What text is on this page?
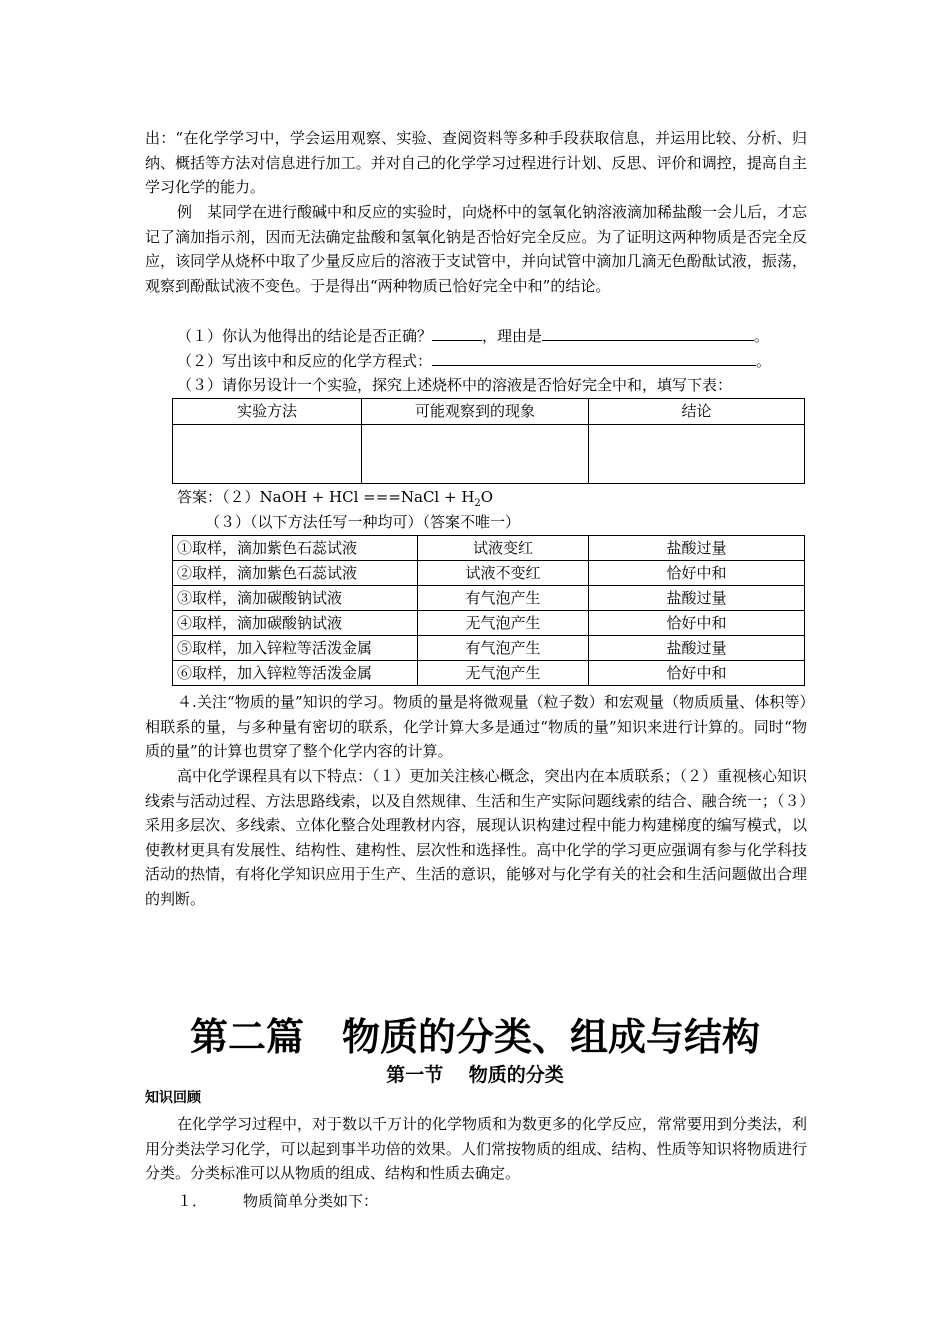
出：“在化学学习中，学会运用观察、实验、查阅资料等多种手段获取信息，并运用比较、分析、归纳、概括等方法对信息进行加工。并对自己的化学学习过程进行计划、反思、评价和调控，提高自主学习化学的能力。

例　某同学在进行酸碱中和反应的实验时，向烧杯中的氢氧化钠溶液滴加稀盐酸一会儿后，才忘记了滴加指示剂，因而无法确定盐酸和氢氧化钠是否恰好完全反应。为了证明这两种物质是否完全反应，该同学从烧杯中取了少量反应后的溶液于支试管中，并向试管中滴加几滴无色酚酞试液，振荡，观察到酚酞试液不变色。于是得出“两种物质已恰好完全中和”的结论。

（１）你认为他得出的结论是否正确？	，理由是	。
（２）写出该中和反应的化学方程式：	。
（３）请你另设计一个实验，探究上述烧杯中的溶液是否恰好完全中和，填写下表：
实验方法	可能观察到的现象	结论

答案：（２）NaOH + HCl ===NaCl + $H_2O$
（３）（以下方法任写一种均可）（答案不唯一）
①取样，滴加紫色石蕊试液	试液变红	盐酸过量
②取样，滴加紫色石蕊试液	试液不变红	恰好中和
③取样，滴加碳酸钠试液	有气泡产生	盐酸过量
④取样，滴加碳酸钠试液	无气泡产生	恰好中和
⑤取样，加入锌粒等活泼金属	有气泡产生	盐酸过量
⑥取样，加入锌粒等活泼金属	无气泡产生	恰好中和

４.关注“物质的量”知识的学习。物质的量是将微观量（粒子数）和宏观量（物质质量、体积等）相联系的量，与多种量有密切的联系，化学计算大多是通过“物质的量”知识来进行计算的。同时“物质的量”的计算也贯穿了整个化学内容的计算。

高中化学课程具有以下特点：（１）更加关注核心概念，突出内在本质联系；（２）重视核心知识线索与活动过程、方法思路线索，以及自然规律、生活和生产实际问题线索的结合、融合统一；（３）采用多层次、多线索、立体化整合处理教材内容，展现认识构建过程中能力构建梯度的编写模式，以使教材更具有发展性、结构性、建构性、层次性和选择性。高中化学的学习更应强调有参与化学科技活动的热情，有将化学知识应用于生产、生活的意识，能够对与化学有关的社会和生活问题做出合理的判断。

第二篇　物质的分类、组成与结构
第一节　 物质的分类
知识回顾

在化学学习过程中，对于数以千万计的化学物质和为数更多的化学反应，常常要用到分类法，利用分类法学习化学，可以起到事半功倍的效果。人们常按物质的组成、结构、性质等知识将物质进行分类。分类标准可以从物质的组成、结构和性质去确定。

１． 物质简单分类如下：
